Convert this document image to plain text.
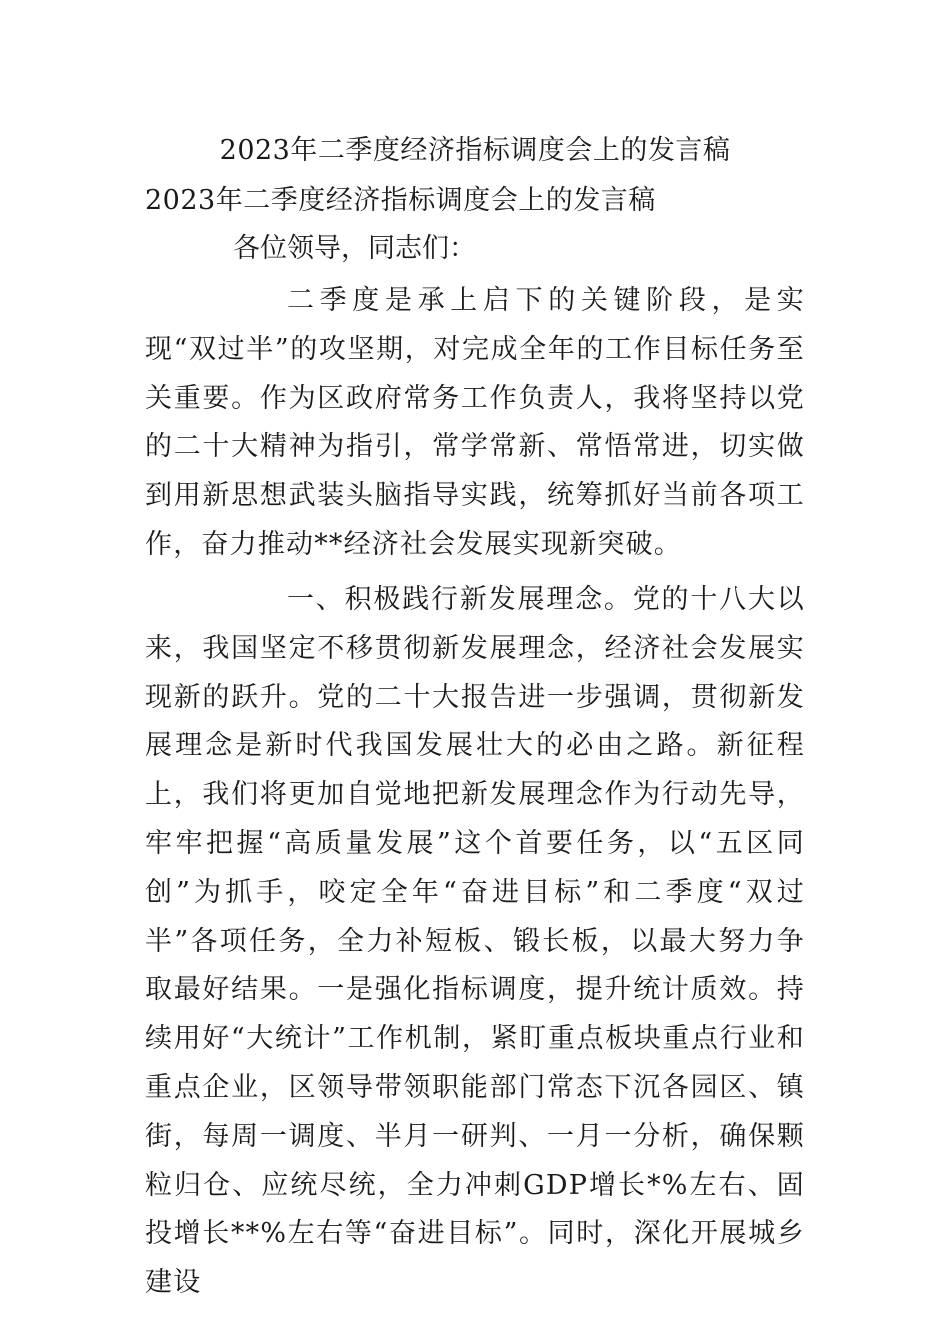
2023年二季度经济指标调度会上的发言稿
2023年二季度经济指标调度会上的发言稿
各位领导，同志们：

二季度是承上启下的关键阶段，是实现“双过半”的攻坚期，对完成全年的工作目标任务至关重要。作为区政府常务工作负责人，我将坚持以党的二十大精神为指引，常学常新、常悟常进，切实做到用新思想武装头脑指导实践，统筹抓好当前各项工作，奋力推动**经济社会发展实现新突破。

一、积极践行新发展理念。党的十八大以来，我国坚定不移贯彻新发展理念，经济社会发展实现新的跃升。党的二十大报告进一步强调，贯彻新发展理念是新时代我国发展壮大的必由之路。新征程上，我们将更加自觉地把新发展理念作为行动先导，牢牢把握“高质量发展”这个首要任务，以“五区同创”为抓手，咬定全年“奋进目标”和二季度“双过半”各项任务，全力补短板、锻长板，以最大努力争取最好结果。一是强化指标调度，提升统计质效。持续用好“大统计”工作机制，紧盯重点板块重点行业和重点企业，区领导带领职能部门常态下沉各园区、镇街，每周一调度、半月一研判、一月一分析，确保颗粒归仓、应统尽统，全力冲刺GDP增长*%左右、固投增长**%左右等“奋进目标”。同时，深化开展城乡建设
